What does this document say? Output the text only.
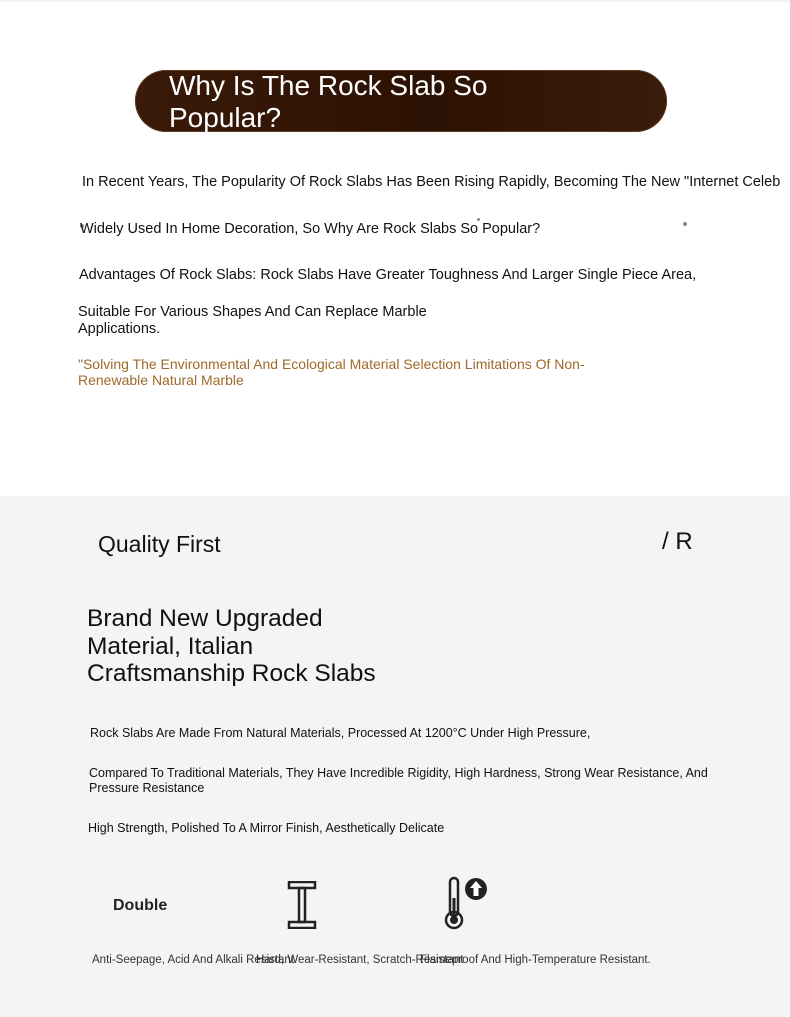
Why Is The Rock Slab So Popular?

In Recent Years, The Popularity Of Rock Slabs Has Been Rising Rapidly, Becoming The New "Internet Celeb

Widely Used In Home Decoration, So Why Are Rock Slabs So Popular?

Advantages Of Rock Slabs: Rock Slabs Have Greater Toughness And Larger Single Piece Area,

Suitable For Various Shapes And Can Replace Marble Applications.

"Solving The Environmental And Ecological Material Selection Limitations Of Non-Renewable Natural Marble

Quality First	/ R
Brand New Upgraded Material, Italian Craftsmanship Rock Slabs

Rock Slabs Are Made From Natural Materials, Processed At 1200°C Under High Pressure,

Compared To Traditional Materials, They Have Incredible Rigidity, High Hardness, Strong Wear Resistance, And Pressure Resistance

High Strength, Polished To A Mirror Finish, Aesthetically Delicate

Double

Anti-Seepage, Acid And Alkali Resistant

Hard, Wear-Resistant, Scratch-Resistant

Flameproof And High-Temperature Resistant.
